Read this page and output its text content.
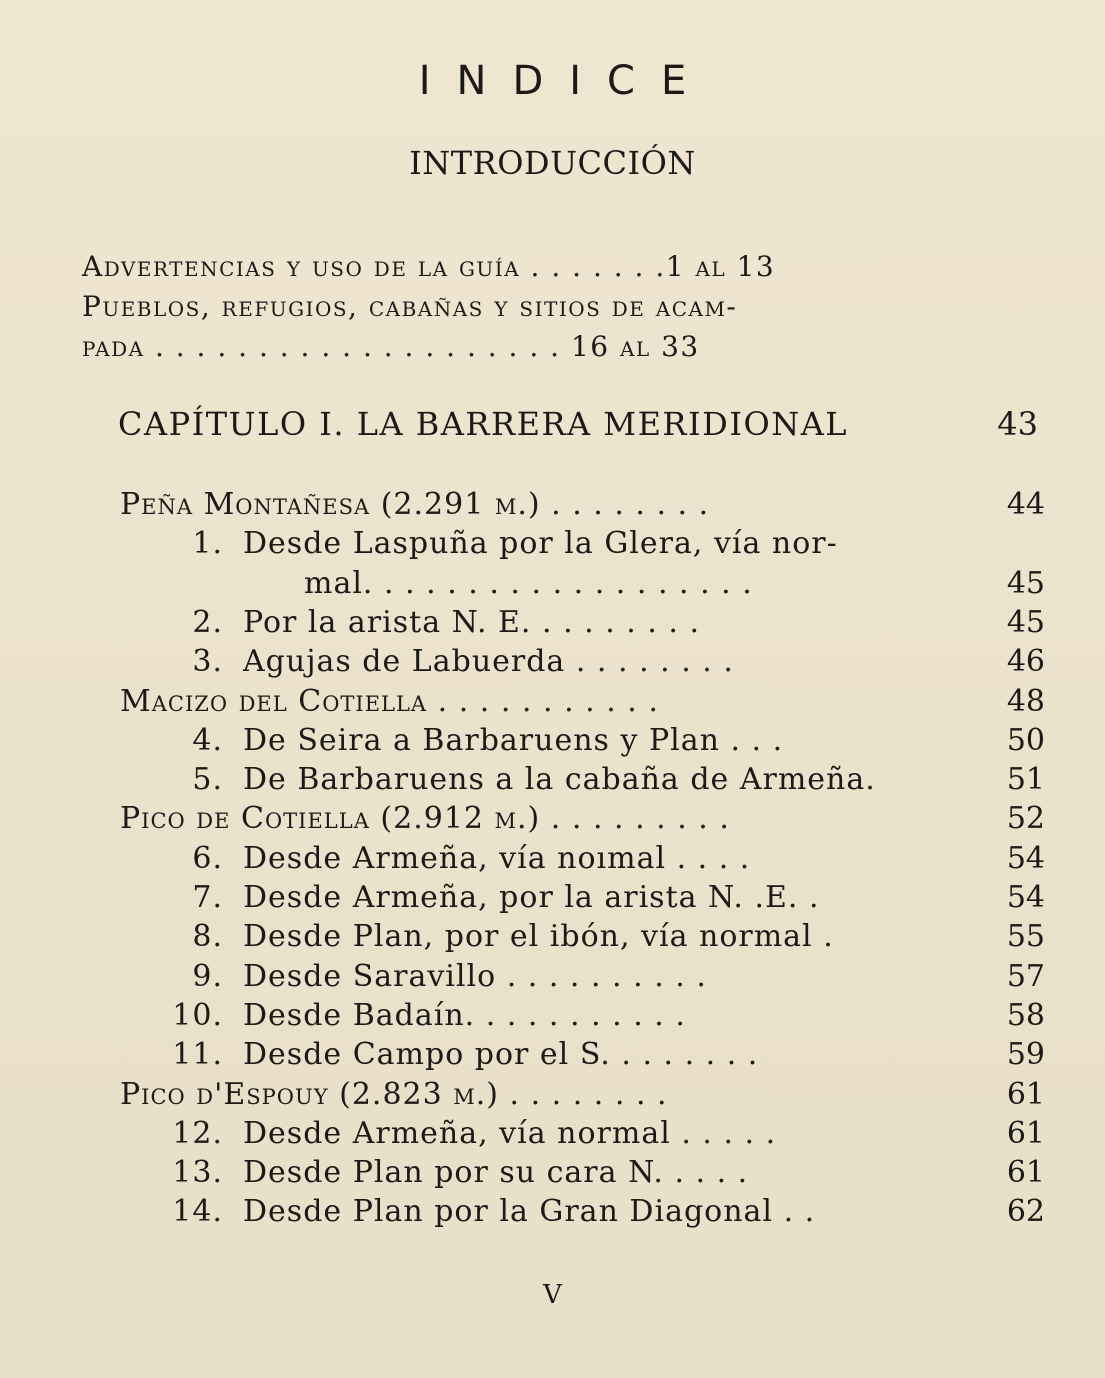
INDICE
INTRODUCCIÓN
Advertencias y uso de la guía . . . . . . .1 al 13
Pueblos, refugios, cabañas y sitios de acam-
pada . . . . . . . . . . . . . . . . . . . . 16 al 33
CAPÍTULO I. LA BARRERA MERIDIONAL	43
Peña Montañesa (2.291 m.) . . . . . . . .	44
1. Desde Laspuña por la Glera, vía nor-
mal. . . . . . . . . . . . . . . . . . .	45
2. Por la arista N. E. . . . . . . . .	45
3. Agujas de Labuerda . . . . . . . .	46
Macizo del Cotiella . . . . . . . . . . .	48
4. De Seira a Barbaruens y Plan . . .	50
5. De Barbaruens a la cabaña de Armeña.	51
Pico de Cotiella (2.912 m.) . . . . . . . . .	52
6. Desde Armeña, vía noımal . . . .	54
7. Desde Armeña, por la arista N. .E. .	54
8. Desde Plan, por el ibón, vía normal .	55
9. Desde Saravillo . . . . . . . . . .	57
10. Desde Badaín. . . . . . . . . . .	58
11. Desde Campo por el S. . . . . . . .	59
Pico d'Espouy (2.823 m.) . . . . . . . .	61
12. Desde Armeña, vía normal . . . . .	61
13. Desde Plan por su cara N. . . . .	61
14. Desde Plan por la Gran Diagonal . .	62
V
